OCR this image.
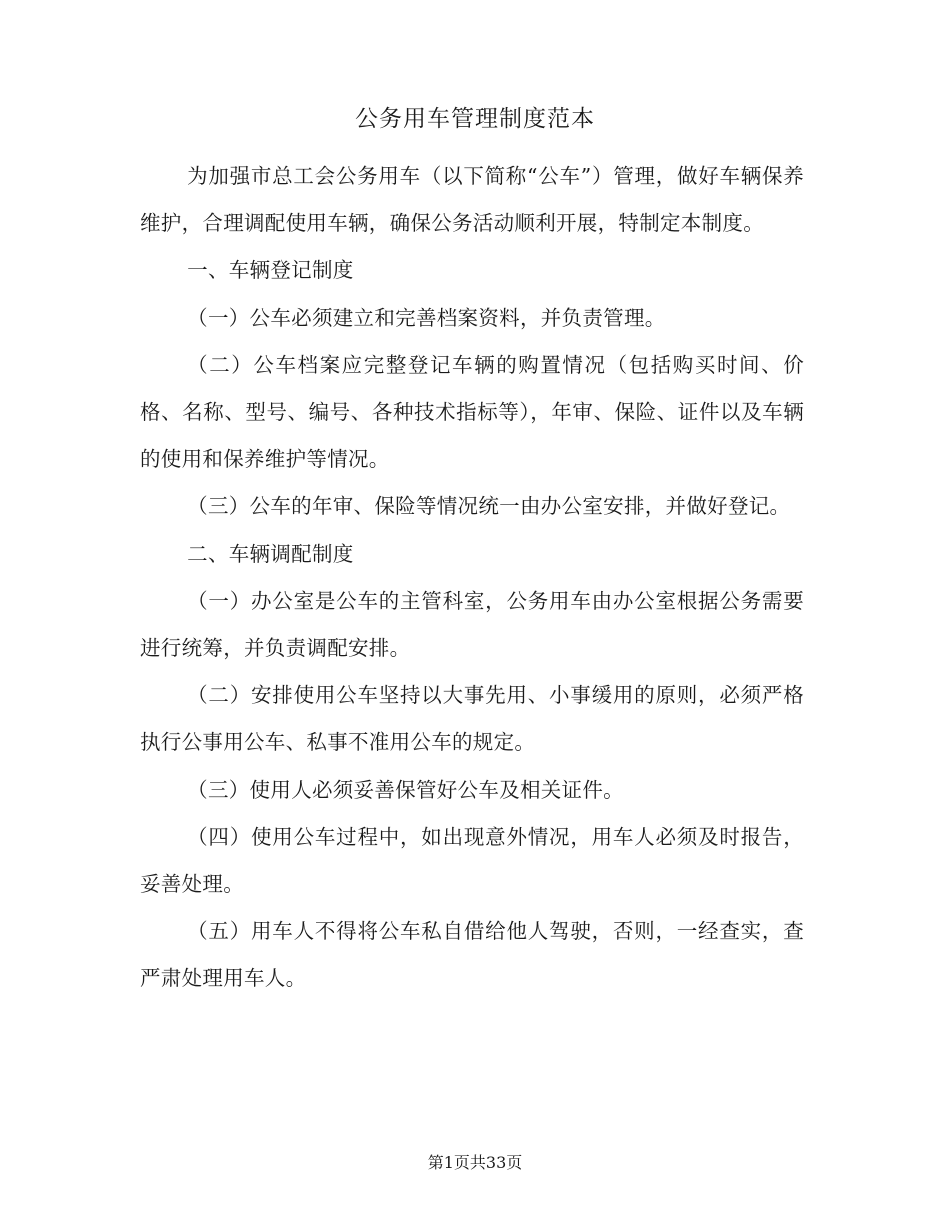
公务用车管理制度范本

为加强市总工会公务用车（以下简称“公车”）管理，做好车辆保养维护，合理调配使用车辆，确保公务活动顺利开展，特制定本制度。

一、车辆登记制度

（一）公车必须建立和完善档案资料，并负责管理。

（二）公车档案应完整登记车辆的购置情况（包括购买时间、价格、名称、型号、编号、各种技术指标等），年审、保险、证件以及车辆的使用和保养维护等情况。

（三）公车的年审、保险等情况统一由办公室安排，并做好登记。

二、车辆调配制度

（一）办公室是公车的主管科室，公务用车由办公室根据公务需要进行统筹，并负责调配安排。

（二）安排使用公车坚持以大事先用、小事缓用的原则，必须严格执行公事用公车、私事不准用公车的规定。

（三）使用人必须妥善保管好公车及相关证件。

（四）使用公车过程中，如出现意外情况，用车人必须及时报告，妥善处理。

（五）用车人不得将公车私自借给他人驾驶，否则，一经查实，查严肃处理用车人。

第1页共33页
